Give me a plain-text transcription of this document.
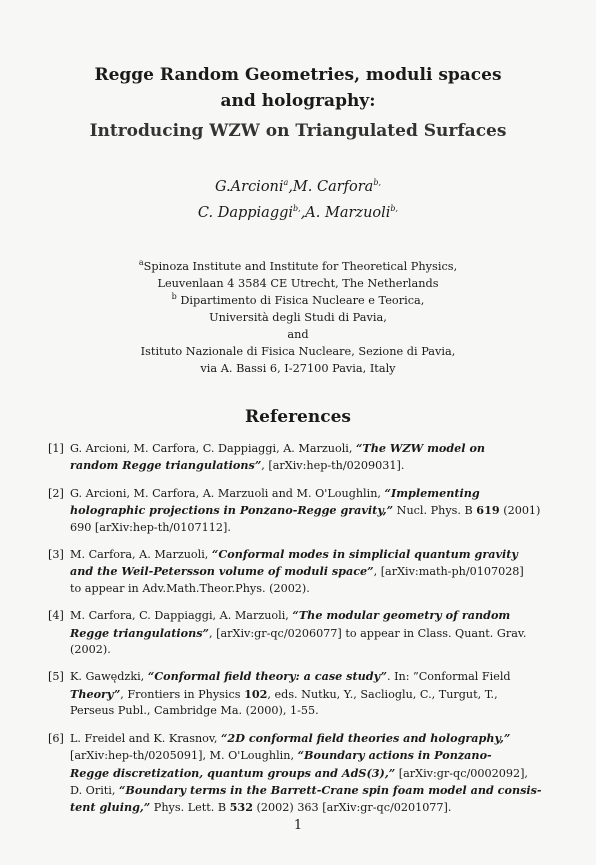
Regge Random Geometries, moduli spaces
and holography:
Introducing WZW on Triangulated Surfaces
G.Arcioni$^a$,M. Carfora$^{b,}$
C. Dappiaggi$^{b,}$,A. Marzuoli$^{b,}$
$^a$Spinoza Institute and Institute for Theoretical Physics,
Leuvenlaan 4 3584 CE Utrecht, The Netherlands
$^b$ Dipartimento di Fisica Nucleare e Teorica,
Università degli Studi di Pavia,
and
Istituto Nazionale di Fisica Nucleare, Sezione di Pavia,
via A. Bassi 6, I-27100 Pavia, Italy
References
[1] G. Arcioni, M. Carfora, C. Dappiaggi, A. Marzuoli, “The WZW model on
random Regge triangulations”, [arXiv:hep-th/0209031].
[2] G. Arcioni, M. Carfora, A. Marzuoli and M. O'Loughlin, “Implementing
holographic projections in Ponzano-Regge gravity,” Nucl. Phys. B 619 (2001)
690 [arXiv:hep-th/0107112].
[3] M. Carfora, A. Marzuoli, “Conformal modes in simplicial quantum gravity
and the Weil-Petersson volume of moduli space”, [arXiv:math-ph/0107028]
to appear in Adv.Math.Theor.Phys. (2002).
[4] M. Carfora, C. Dappiaggi, A. Marzuoli, “The modular geometry of random
Regge triangulations”, [arXiv:gr-qc/0206077] to appear in Class. Quant. Grav.
(2002).
[5] K. Gawędzki, “Conformal field theory: a case study”. In: ”Conformal Field
Theory”, Frontiers in Physics 102, eds. Nutku, Y., Saclioglu, C., Turgut, T.,
Perseus Publ., Cambridge Ma. (2000), 1-55.
[6] L. Freidel and K. Krasnov, “2D conformal field theories and holography,”
[arXiv:hep-th/0205091], M. O'Loughlin, “Boundary actions in Ponzano-
Regge discretization, quantum groups and AdS(3),” [arXiv:gr-qc/0002092],
D. Oriti, “Boundary terms in the Barrett-Crane spin foam model and consis-
tent gluing,” Phys. Lett. B 532 (2002) 363 [arXiv:gr-qc/0201077].
1
